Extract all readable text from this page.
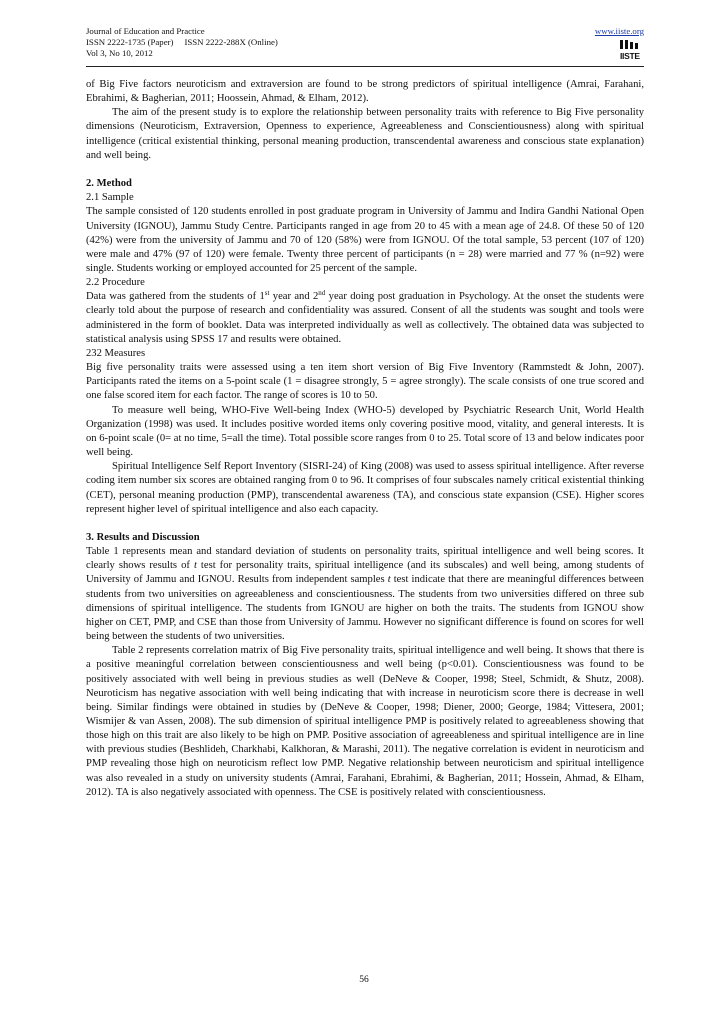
Journal of Education and Practice
ISSN 2222-1735 (Paper)     ISSN 2222-288X (Online)
Vol 3, No 10, 2012
www.iiste.org
IISTE

of Big Five factors neuroticism and extraversion are found to be strong predictors of spiritual intelligence (Amrai, Farahani, Ebrahimi, & Bagherian, 2011; Hoossein, Ahmad, & Elham, 2012).

The aim of the present study is to explore the relationship between personality traits with reference to Big Five personality dimensions (Neuroticism, Extraversion, Openness to experience, Agreeableness and Conscientiousness) along with spiritual intelligence (critical existential thinking, personal meaning production, transcendental awareness and conscious state explanation) and well being.

2. Method

2.1 Sample

The sample consisted of 120 students enrolled in post graduate program in University of Jammu and Indira Gandhi National Open University (IGNOU), Jammu Study Centre. Participants ranged in age from 20 to 45 with a mean age of 24.8. Of these 50 of 120 (42%) were from the university of Jammu and 70 of 120 (58%) were from IGNOU. Of the total sample, 53 percent (107 of 120) were male and 47% (97 of 120) were female. Twenty three percent of participants (n = 28) were married and 77 % (n=92) were single. Students working or employed accounted for 25 percent of the sample.

2.2 Procedure

Data was gathered from the students of 1st year and 2nd year doing post graduation in Psychology. At the onset the students were clearly told about the purpose of research and confidentiality was assured. Consent of all the students was sought and tools were administered in the form of booklet. Data was interpreted individually as well as collectively. The obtained data was subjected to statistical analysis using SPSS 17 and results were obtained.

232 Measures

Big five personality traits were assessed using a ten item short version of Big Five Inventory (Rammstedt & John, 2007). Participants rated the items on a 5-point scale (1 = disagree strongly, 5 = agree strongly). The scale consists of one true scored and one false scored item for each factor. The range of scores is 10 to 50.

To measure well being, WHO-Five Well-being Index (WHO-5) developed by Psychiatric Research Unit, World Health Organization (1998) was used. It includes positive worded items only covering positive mood, vitality, and general interests. It is on 6-point scale (0= at no time, 5=all the time). Total possible score ranges from 0 to 25. Total score of 13 and below indicates poor well being.

Spiritual Intelligence Self Report Inventory (SISRI-24) of King (2008) was used to assess spiritual intelligence. After reverse coding item number six scores are obtained ranging from 0 to 96. It comprises of four subscales namely critical existential thinking (CET), personal meaning production (PMP), transcendental awareness (TA), and conscious state expansion (CSE). Higher scores represent higher level of spiritual intelligence and also each capacity.

3. Results and Discussion

Table 1 represents mean and standard deviation of students on personality traits, spiritual intelligence and well being scores. It clearly shows results of t test for personality traits, spiritual intelligence (and its subscales) and well being, among students of University of Jammu and IGNOU. Results from independent samples t test indicate that there are meaningful differences between students from two universities on agreeableness and conscientiousness. The students from two universities differed on three sub dimensions of spiritual intelligence. The students from IGNOU are higher on both the traits. The students from IGNOU show higher on CET, PMP, and CSE than those from University of Jammu. However no significant difference is found on scores for well being between the students of two universities.

Table 2 represents correlation matrix of Big Five personality traits, spiritual intelligence and well being. It shows that there is a positive meaningful correlation between conscientiousness and well being (p<0.01). Conscientiousness was found to be positively associated with well being in previous studies as well (DeNeve & Cooper, 1998; Steel, Schmidt, & Shutz, 2008). Neuroticism has negative association with well being indicating that with increase in neuroticism score there is decrease in well being. Similar findings were obtained in studies by (DeNeve & Cooper, 1998; Diener, 2000; George, 1984; Vittesera, 2001; Wismijer & van Assen, 2008). The sub dimension of spiritual intelligence PMP is positively related to agreeableness showing that those high on this trait are also likely to be high on PMP. Positive association of agreeableness and spiritual intelligence are in line with previous studies (Beshlideh, Charkhabi, Kalkhoran, & Marashi, 2011). The negative correlation is evident in neuroticism and PMP revealing those high on neuroticism reflect low PMP. Negative relationship between neuroticism and spiritual intelligence was also revealed in a study on university students (Amrai, Farahani, Ebrahimi, & Bagherian, 2011; Hossein, Ahmad, & Elham, 2012). TA is also negatively associated with openness. The CSE is positively related with conscientiousness.

56
